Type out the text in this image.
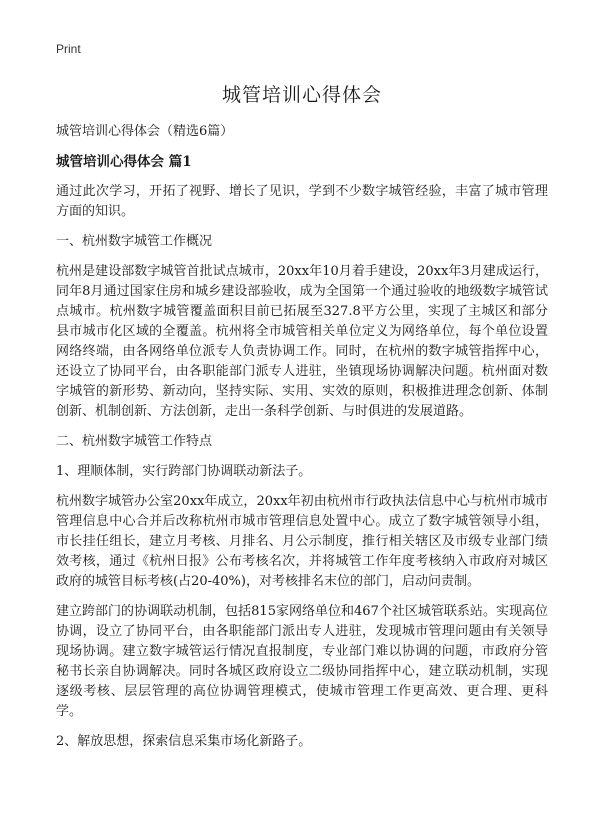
Print
城管培训心得体会

城管培训心得体会（精选6篇）

城管培训心得体会 篇1

通过此次学习，开拓了视野、增长了见识，学到不少数字城管经验，丰富了城市管理方面的知识。

一、杭州数字城管工作概况

杭州是建设部数字城管首批试点城市，20xx年10月着手建设，20xx年3月建成运行，同年8月通过国家住房和城乡建设部验收，成为全国第一个通过验收的地级数字城管试点城市。杭州数字城管覆盖面积目前已拓展至327.8平方公里，实现了主城区和部分县市城市化区域的全覆盖。杭州将全市城管相关单位定义为网络单位，每个单位设置网络终端，由各网络单位派专人负责协调工作。同时，在杭州的数字城管指挥中心，还设立了协同平台，由各职能部门派专人进驻，坐镇现场协调解决问题。杭州面对数字城管的新形势、新动向，坚持实际、实用、实效的原则，积极推进理念创新、体制创新、机制创新、方法创新，走出一条科学创新、与时俱进的发展道路。

二、杭州数字城管工作特点

1、理顺体制，实行跨部门协调联动新法子。

杭州数字城管办公室20xx年成立，20xx年初由杭州市行政执法信息中心与杭州市城市管理信息中心合并后改称杭州市城市管理信息处置中心。成立了数字城管领导小组，市长挂任组长，建立月考核、月排名、月公示制度，推行相关辖区及市级专业部门绩效考核，通过《杭州日报》公布考核名次，并将城管工作年度考核纳入市政府对城区政府的城管目标考核(占20-40%)，对考核排名末位的部门，启动问责制。

建立跨部门的协调联动机制，包括815家网络单位和467个社区城管联系站。实现高位协调，设立了协同平台，由各职能部门派出专人进驻，发现城市管理问题由有关领导现场协调。建立数字城管运行情况直报制度，专业部门难以协调的问题，市政府分管秘书长亲自协调解决。同时各城区政府设立二级协同指挥中心，建立联动机制，实现逐级考核、层层管理的高位协调管理模式，使城市管理工作更高效、更合理、更科学。

2、解放思想，探索信息采集市场化新路子。
